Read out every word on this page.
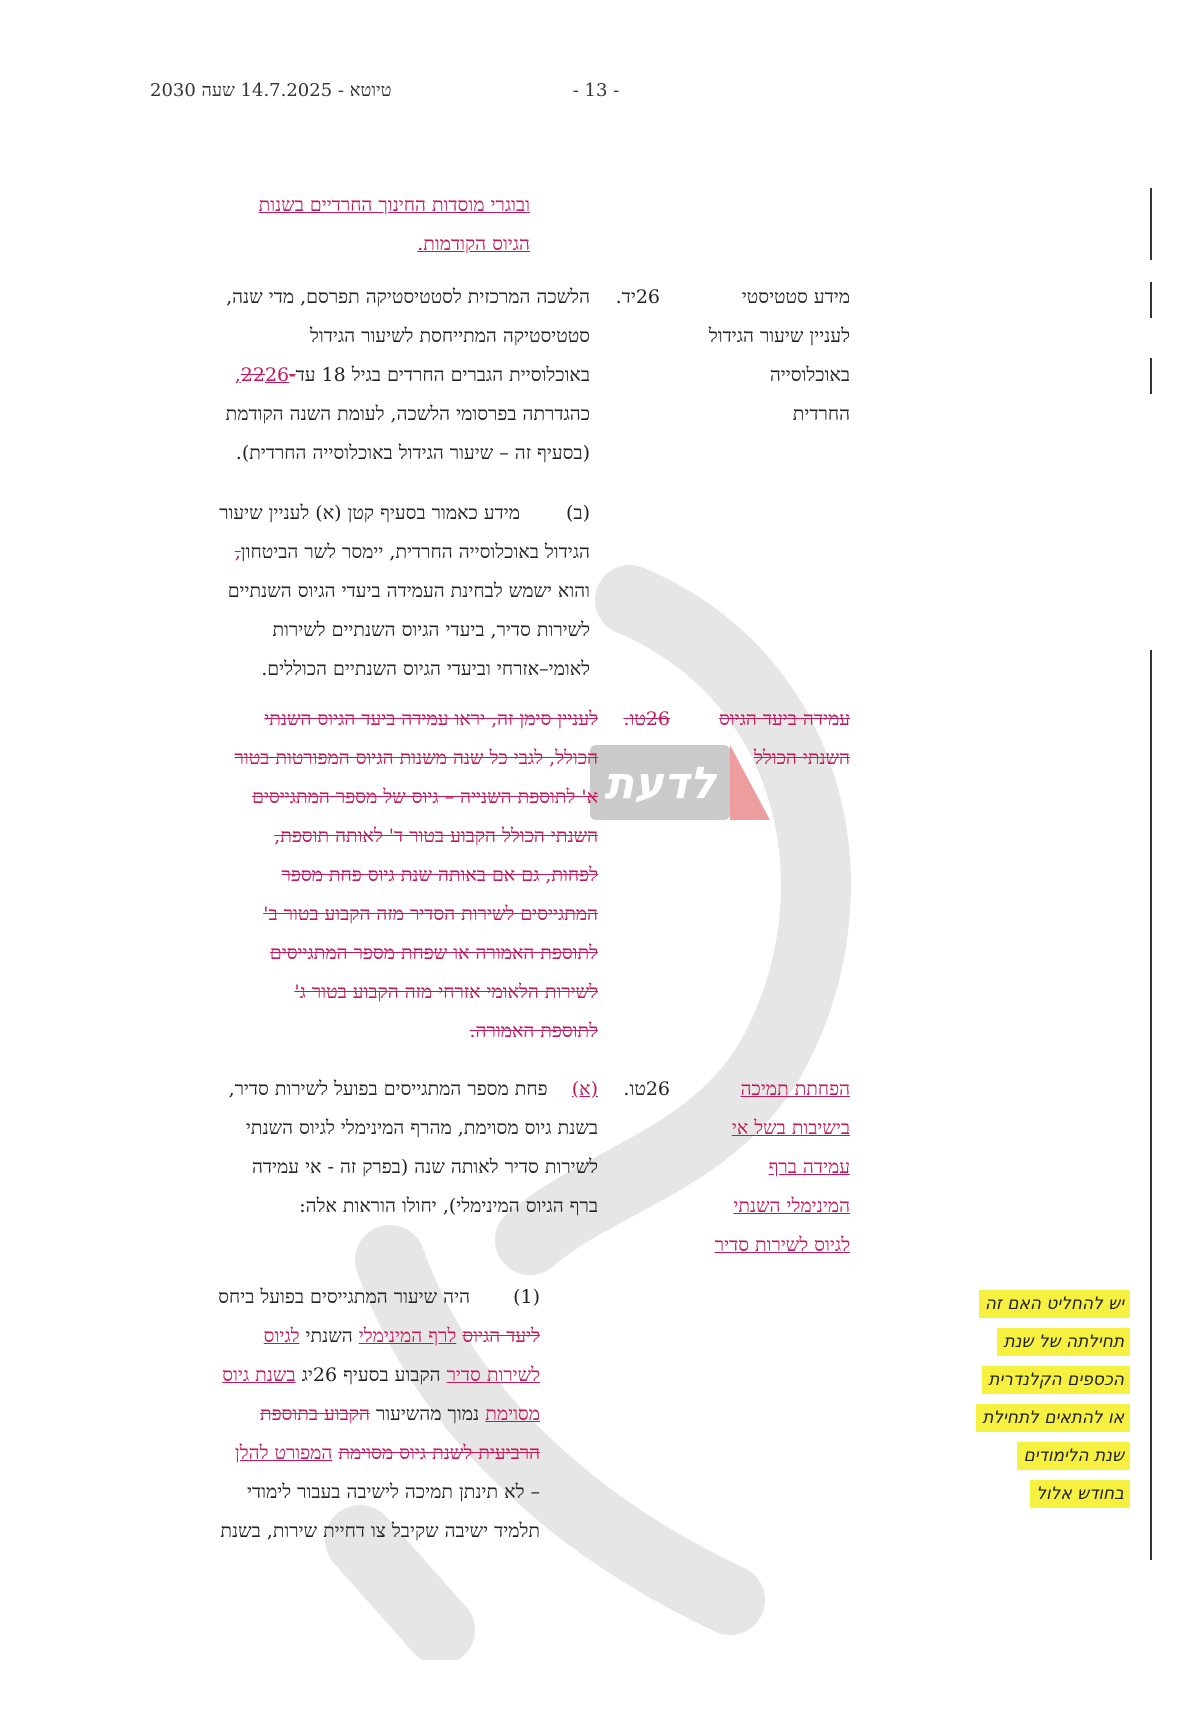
לדעת
טיוטא - 14.7.2025 שעה 2030	- 13 -
ובוגרי מוסדות החינוך החרדיים בשנות
הגיוס הקודמות.
מידע סטטיסטי
לעניין שיעור הגידול
באוכלוסייה
החרדית
26יד.
הלשכה המרכזית לסטטיסטיקה תפרסם, מדי שנה,
סטטיסטיקה המתייחסת לשיעור הגידול
באוכלוסיית הגברים החרדים בגיל 18 עד-2226,
כהגדרתה בפרסומי הלשכה, לעומת השנה הקודמת
(בסעיף זה – שיעור הגידול באוכלוסייה החרדית).
(ב)
מידע כאמור בסעיף קטן (א) לעניין שיעור
הגידול באוכלוסייה החרדית, יימסר לשר הביטחון,
והוא ישמש לבחינת העמידה ביעדי הגיוס השנתיים
לשירות סדיר, ביעדי הגיוס השנתיים לשירות
לאומי–אזרחי וביעדי הגיוס השנתיים הכוללים.
עמידה ביעד הגיוס
השנתי הכולל
26טו.
לעניין סימן זה, יראו עמידה ביעד הגיוס השנתי
הכולל, לגבי כל שנה משנות הגיוס המפורטות בטור
א' לתוספת השנייה – גיוס של מספר המתגייסים
השנתי הכולל הקבוע בטור ד' לאותה תוספת,
לפחות, גם אם באותה שנת גיוס פחת מספר
המתגייסים לשירות הסדיר מזה הקבוע בטור ב'
לתוספת האמורה או שפחת מספר המתגייסים
לשירות הלאומי אזרחי מזה הקבוע בטור ג'
לתוספת האמורה.
הפחתת תמיכה
בישיבות בשל אי
עמידה ברף
המינימלי השנתי
לגיוס לשירות סדיר
26טו.
(א)    פחת מספר המתגייסים בפועל לשירות סדיר,
בשנת גיוס מסוימת, מהרף המינימלי לגיוס השנתי
לשירות סדיר לאותה שנה (בפרק זה - אי עמידה
ברף הגיוס המינימלי), יחולו הוראות אלה:
(1)
היה שיעור המתגייסים בפועל ביחס
ליעד הגיוס לרף המינימלי השנתי לגיוס
לשירות סדיר הקבוע בסעיף 26יג בשנת גיוס
מסוימת נמוך מהשיעור הקבוע בתוספת
הרביעית לשנת גיוס מסוימת המפורט להלן
– לא תינתן תמיכה לישיבה בעבור לימודי
תלמיד ישיבה שקיבל צו דחיית שירות, בשנת
יש להחליט האם זה
תחילתה של שנת
הכספים הקלנדרית
או להתאים לתחילת
שנת הלימודים
בחודש אלול
